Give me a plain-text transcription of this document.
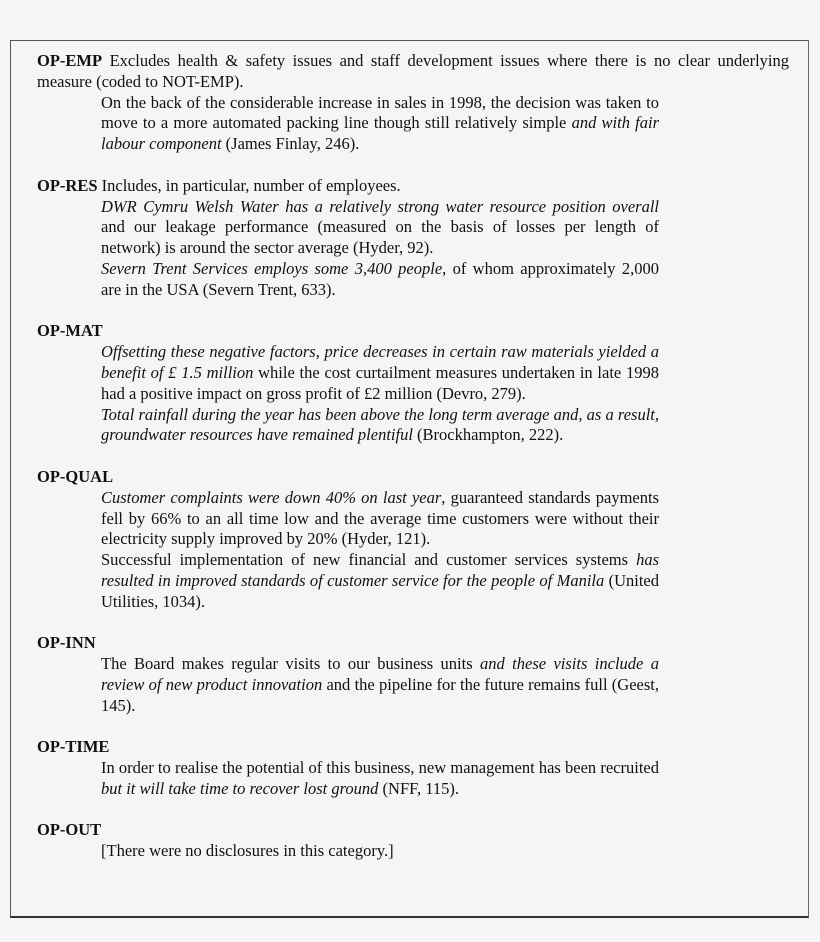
OP-EMP Excludes health & safety issues and staff development issues where there is no clear underlying measure (coded to NOT-EMP).
On the back of the considerable increase in sales in 1998, the decision was taken to move to a more automated packing line though still relatively simple and with fair labour component (James Finlay, 246).
OP-RES Includes, in particular, number of employees.
DWR Cymru Welsh Water has a relatively strong water resource position overall and our leakage performance (measured on the basis of losses per length of network) is around the sector average (Hyder, 92).
Severn Trent Services employs some 3,400 people, of whom approximately 2,000 are in the USA (Severn Trent, 633).
OP-MAT
Offsetting these negative factors, price decreases in certain raw materials yielded a benefit of £ 1.5 million while the cost curtailment measures undertaken in late 1998 had a positive impact on gross profit of £2 million (Devro, 279).
Total rainfall during the year has been above the long term average and, as a result, groundwater resources have remained plentiful (Brockhampton, 222).
OP-QUAL
Customer complaints were down 40% on last year, guaranteed standards payments fell by 66% to an all time low and the average time customers were without their electricity supply improved by 20% (Hyder, 121).
Successful implementation of new financial and customer services systems has resulted in improved standards of customer service for the people of Manila (United Utilities, 1034).
OP-INN
The Board makes regular visits to our business units and these visits include a review of new product innovation and the pipeline for the future remains full (Geest, 145).
OP-TIME
In order to realise the potential of this business, new management has been recruited but it will take time to recover lost ground (NFF, 115).
OP-OUT
[There were no disclosures in this category.]
